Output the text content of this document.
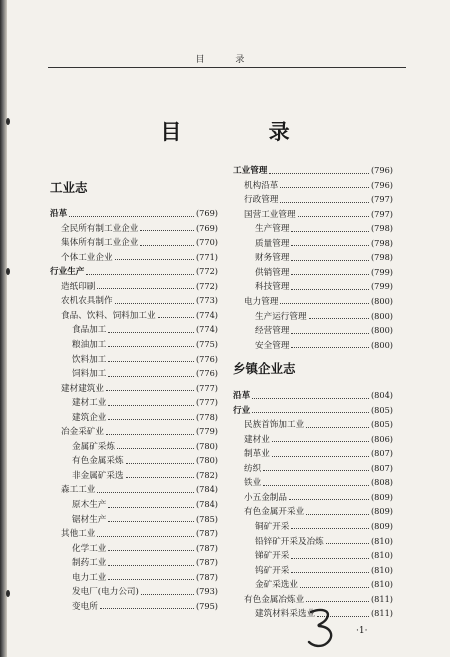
目 录
目 录
工业志
沿革	(769)
全民所有制工业企业	(769)
集体所有制工业企业	(770)
个体工业企业	(771)
行业生产	(772)
造纸印刷	(772)
农机农具制作	(773)
食品、饮料、饲料加工业	(774)
食品加工	(774)
粮油加工	(775)
饮料加工	(776)
饲料加工	(776)
建材建筑业	(777)
建材工业	(777)
建筑企业	(778)
冶金采矿业	(779)
金属矿采炼	(780)
有色金属采炼	(780)
非金属矿采选	(782)
森工工业	(784)
原木生产	(784)
锯材生产	(785)
其他工业	(787)
化学工业	(787)
制药工业	(787)
电力工业	(787)
发电厂(电力公司)	(793)
变电所	(795)
工业管理	(796)
机构沿革	(796)
行政管理	(797)
国营工业管理	(797)
生产管理	(798)
质量管理	(798)
财务管理	(798)
供销管理	(799)
科技管理	(799)
电力管理	(800)
生产运行管理	(800)
经营管理	(800)
安全管理	(800)
乡镇企业志
沿革	(804)
行业	(805)
民族首饰加工业	(805)
建材业	(806)
制革业	(807)
纺织	(807)
铁业	(808)
小五金制品	(809)
有色金属开采业	(809)
铜矿开采	(809)
铅锌矿开采及冶炼	(810)
锑矿开采	(810)
钨矿开采	(810)
金矿采选业	(810)
有色金属冶炼业	(811)
建筑材料采选业	(811)
·1·
